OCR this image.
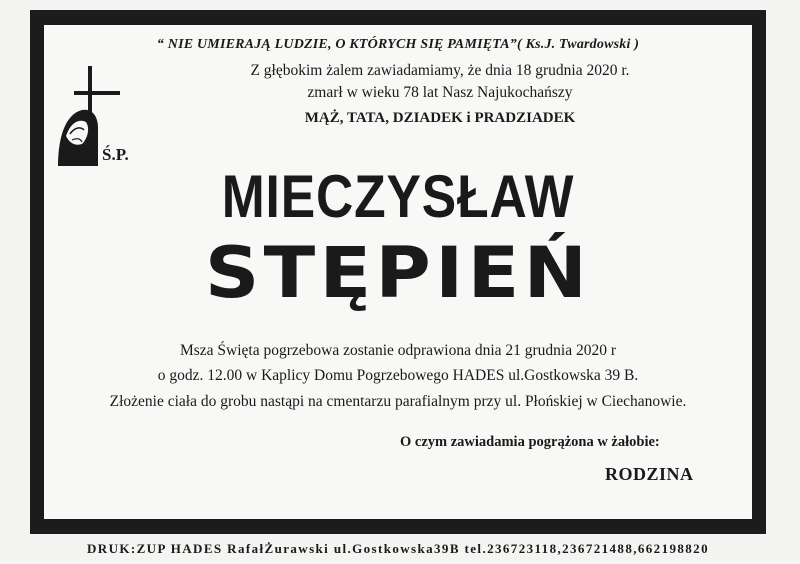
“ NIE UMIERAJĄ LUDZIE, O KTÓRYCH SIĘ PAMIĘTA”( Ks.J. Twardowski )
Z głębokim żalem zawiadamiamy, że dnia 18 grudnia 2020 r.
zmarł w wieku 78 lat Nasz Najukochańszy
MĄŻ, TATA, DZIADEK i PRADZIADEK
Ś.P.
MIECZYSŁAW
STĘPIEŃ
Msza Święta pogrzebowa zostanie odprawiona dnia 21 grudnia 2020 r
o godz. 12.00 w Kaplicy Domu Pogrzebowego HADES ul.Gostkowska 39 B.
Złożenie ciała do grobu nastąpi na cmentarzu parafialnym przy ul. Płońskiej w Ciechanowie.
O czym zawiadamia pogrążona w żałobie:
RODZINA
DRUK:ZUP HADES RafałŻurawski ul.Gostkowska39B tel.236723118,236721488,662198820
